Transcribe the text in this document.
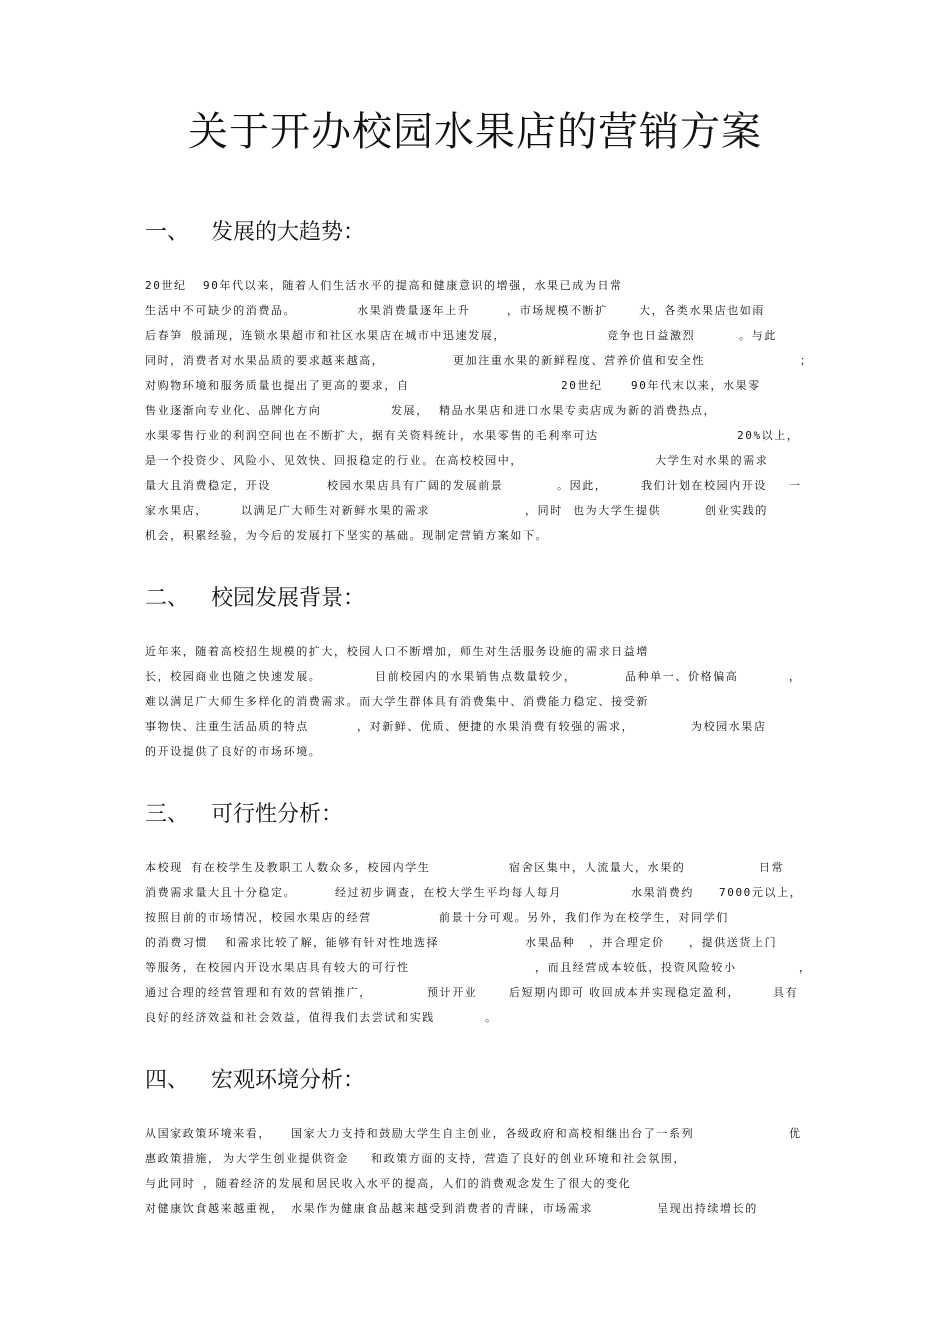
关于开办校园水果店的营销方案
一、 发展的大趋势：
20世纪 90年代以来，随着人们生活水平的提高和健康意识的增强，水果已成为日常
生活中不可缺少的消费品。	水果消费量逐年上升	，市场规模不断扩	大，各类水果店也如雨
后春笋 般涌现，连锁水果超市和社区水果店在城市中迅速发展，	竞争也日益激烈	。与此
同时，消费者对水果品质的要求越来越高，	更加注重水果的新鲜程度、营养价值和安全性	；
对购物环境和服务质量也提出了更高的要求，自	20世纪	90年代末以来，水果零
售业逐渐向专业化、品牌化方向	发展， 精品水果店和进口水果专卖店成为新的消费热点，
水果零售行业的利润空间也在不断扩大，据有关资料统计，水果零售的毛利率可达	20%以上，
是一个投资少、风险小、见效快、回报稳定的行业。在高校校园中，	大学生对水果的需求
量大且消费稳定，开设	校园水果店具有广阔的发展前景	。因此，	我们计划在校园内开设 一
家水果店，	以满足广大师生对新鲜水果的需求	，同时 也为大学生提供	创业实践的
机会，积累经验，为今后的发展打下坚实的基础。现制定营销方案如下。
二、 校园发展背景：
近年来，随着高校招生规模的扩大，校园人口不断增加，师生对生活服务设施的需求日益增
长，校园商业也随之快速发展。	目前校园内的水果销售点数量较少，	品种单一、价格偏高	，
难以满足广大师生多样化的消费需求。而大学生群体具有消费集中、消费能力稳定、接受新
事物快、注重生活品质的特点	，对新鲜、优质、便捷的水果消费有较强的需求，	为校园水果店
的开设提供了良好的市场环境。
三、 可行性分析：
本校现 有在校学生及教职工人数众多，校园内学生	宿舍区集中，人流量大，水果的	日常
消费需求量大且十分稳定。	经过初步调查，在校大学生平均每人每月	水果消费约 7000元以上，
按照目前的市场情况，校园水果店的经营	前景十分可观。另外，我们作为在校学生，对同学们
的消费习惯 和需求比较了解，能够有针对性地选择	水果品种 ，并合理定价 ，提供送货上门
等服务，在校园内开设水果店具有较大的可行性	，而且经营成本较低，投资风险较小	，
通过合理的经营管理和有效的营销推广，	预计开业	后短期内即可 收回成本并实现稳定盈利，	具有
良好的经济效益和社会效益，值得我们去尝试和实践	。
四、 宏观环境分析：
从国家政策环境来看， 国家大力支持和鼓励大学生自主创业，各级政府和高校相继出台了一系列	优
惠政策措施， 为大学生创业提供资金 和政策方面的支持，营造了良好的创业环境和社会氛围，
与此同时 ，随着经济的发展和居民收入水平的提高，人们的消费观念发生了很大的变化
对健康饮食越来越重视， 水果作为 健康食品越来越受到消费者的青睐，市场需求	呈现出持续增长的
